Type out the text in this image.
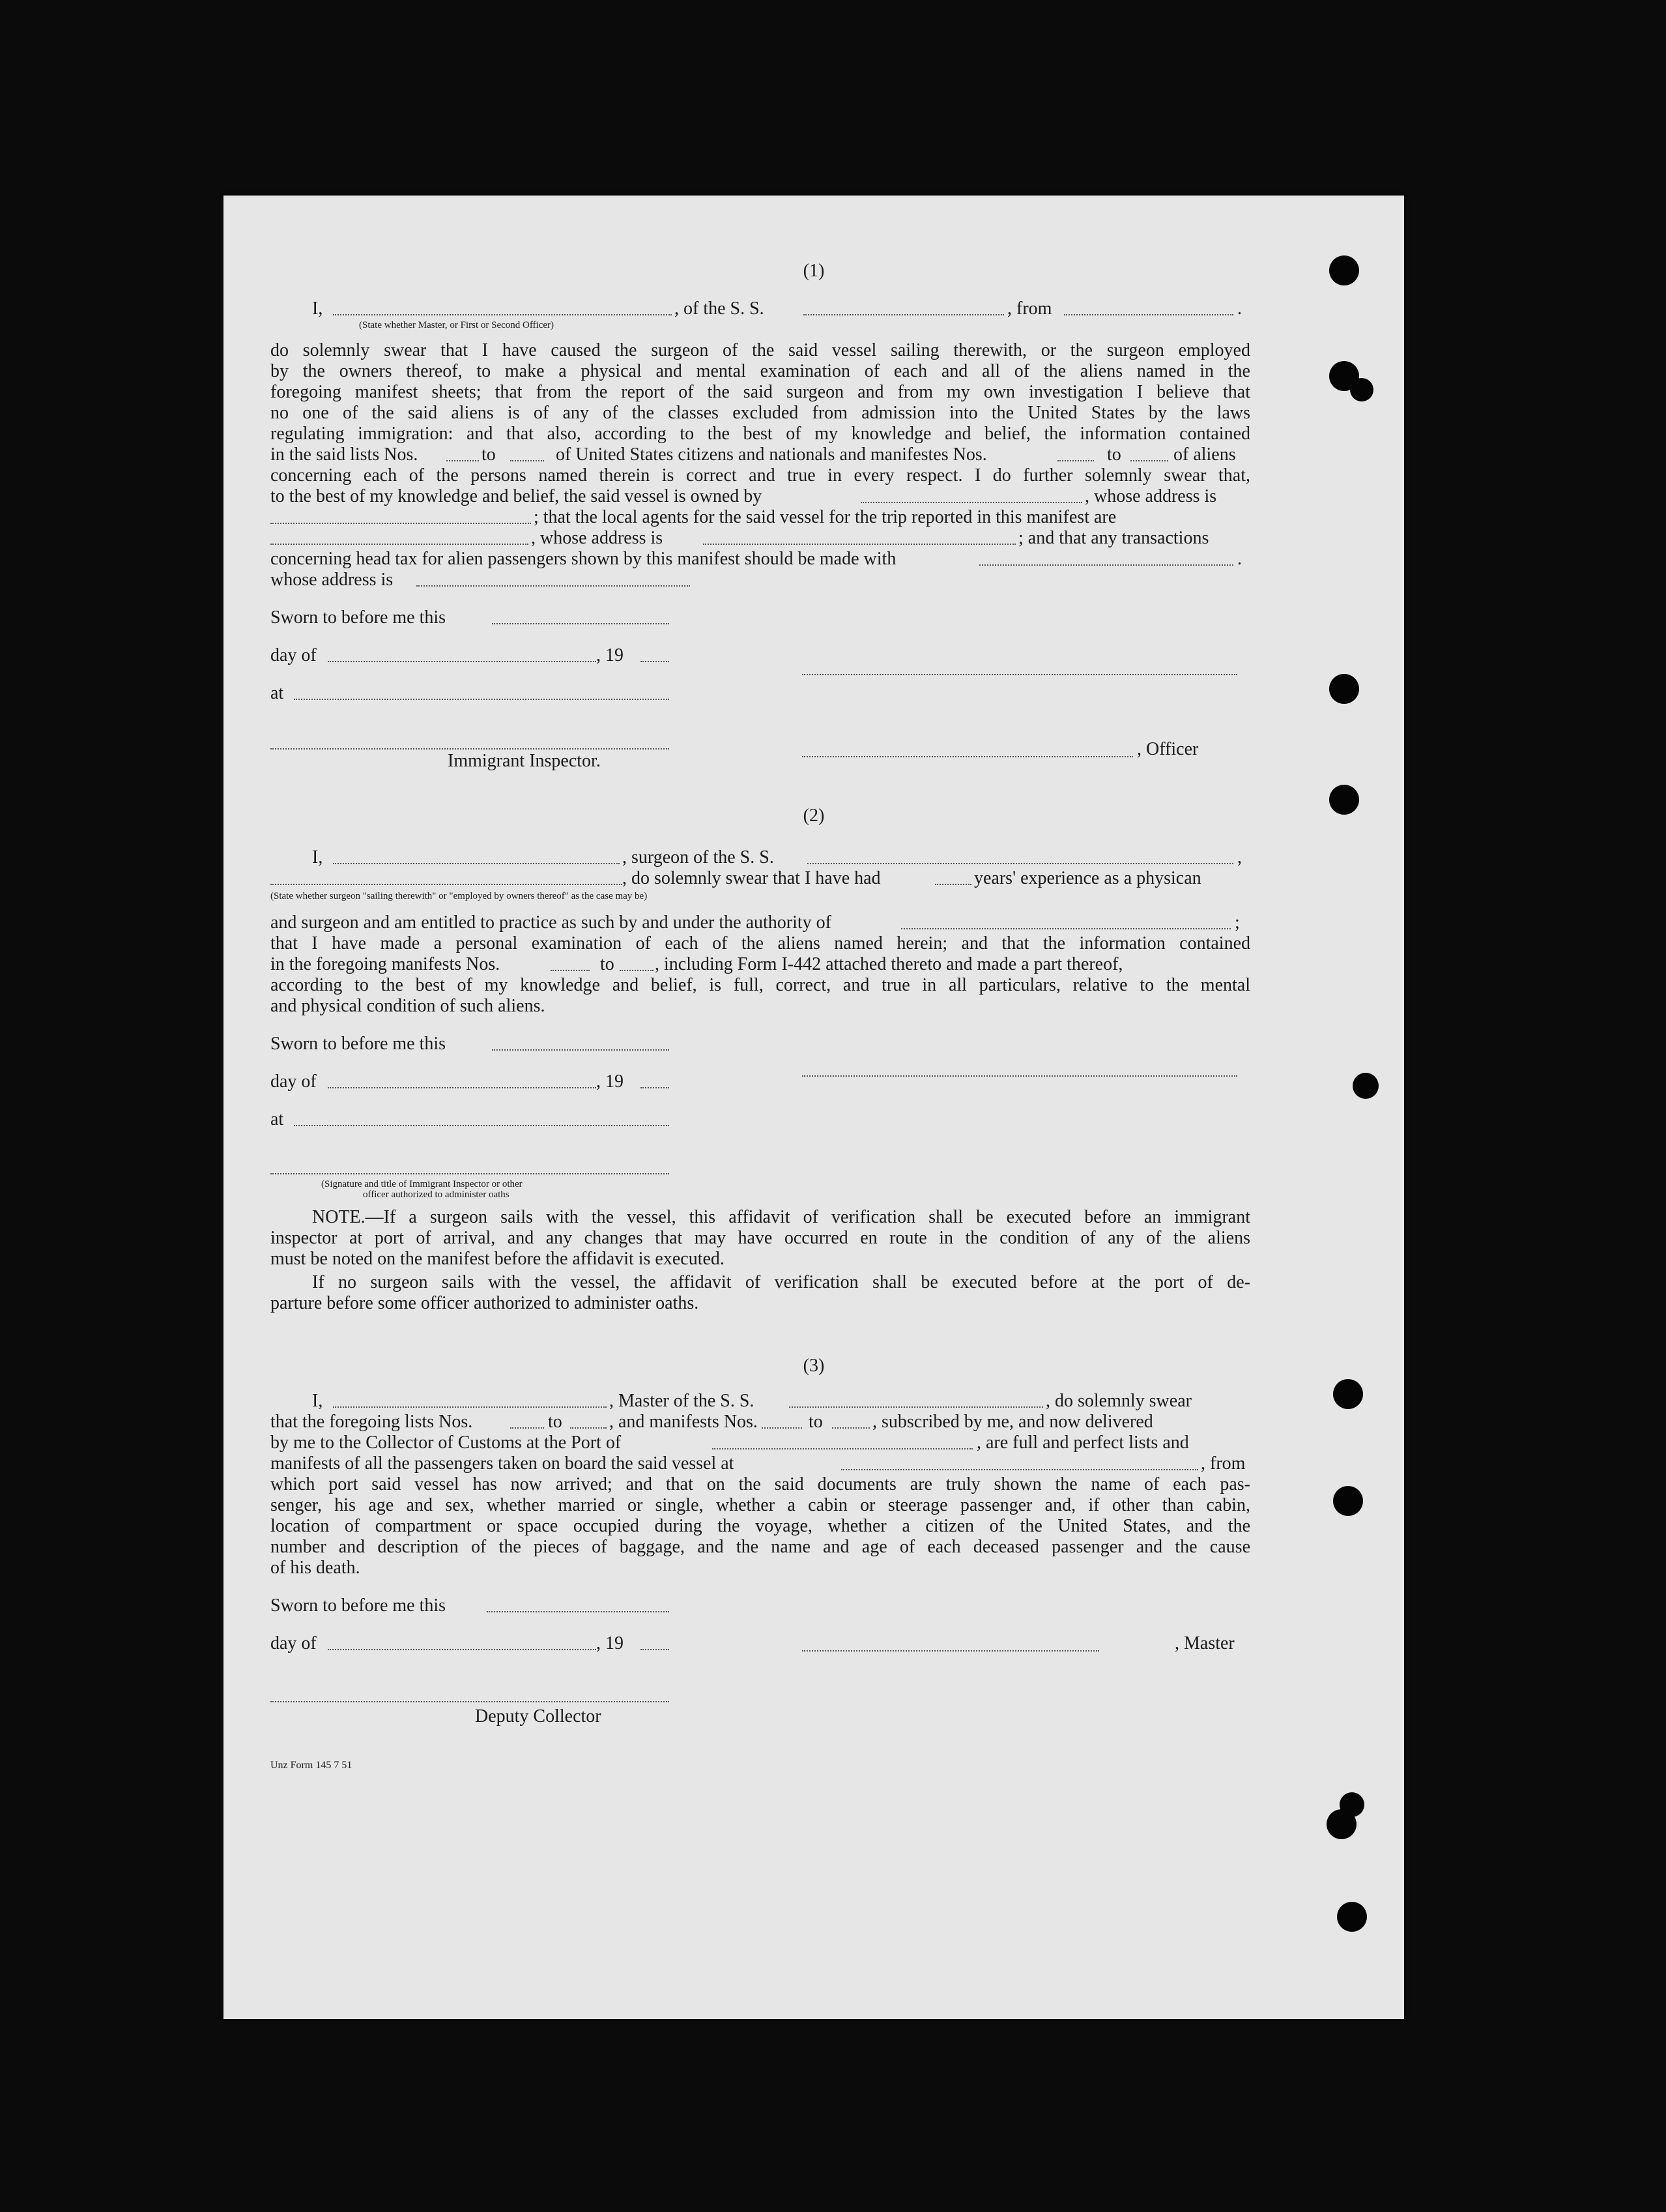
(1)
I,	, of the S. S.	, from	.
(State whether Master, or First or Second Officer)
do solemnly swear that I have caused the surgeon of the said vessel sailing therewith, or the surgeon employed
by the owners thereof, to make a physical and mental examination of each and all of the aliens named in the
foregoing manifest sheets; that from the report of the said surgeon and from my own investigation I believe that
no one of the said aliens is of any of the classes excluded from admission into the United States by the laws
regulating immigration: and that also, according to the best of my knowledge and belief, the information contained
in the said lists Nos.	to	of United States citizens and nationals and manifestes Nos.	to	of aliens
concerning each of the persons named therein is correct and true in every respect. I do further solemnly swear that,
to the best of my knowledge and belief, the said vessel is owned by	, whose address is
; that the local agents for the said vessel for the trip reported in this manifest are
, whose address is	; and that any transactions
concerning head tax for alien passengers shown by this manifest should be made with	.
whose address is
Sworn to before me this
day of	, 19
at
, Officer
Immigrant Inspector.
(2)
I,	, surgeon of the S. S.	,
, do solemnly swear that I have had	years' experience as a physican
(State whether surgeon "sailing therewith" or "employed by owners thereof" as the case may be)
and surgeon and am entitled to practice as such by and under the authority of	;
that I have made a personal examination of each of the aliens named herein; and that the information contained
in the foregoing manifests Nos.	to , including Form I-442 attached thereto and made a part thereof,
according to the best of my knowledge and belief, is full, correct, and true in all particulars, relative to the mental
and physical condition of such aliens.
Sworn to before me this
day of	, 19
at
(Signature and title of Immigrant Inspector or other
officer authorized to administer oaths
NOTE.—If a surgeon sails with the vessel, this affidavit of verification shall be executed before an immigrant
inspector at port of arrival, and any changes that may have occurred en route in the condition of any of the aliens
must be noted on the manifest before the affidavit is executed.
If no surgeon sails with the vessel, the affidavit of verification shall be executed before at the port of de-
parture before some officer authorized to administer oaths.
(3)
I,	, Master of the S. S.	, do solemnly swear
that the foregoing lists Nos.	to	, and manifests Nos.	to	, subscribed by me, and now delivered
by me to the Collector of Customs at the Port of	, are full and perfect lists and
manifests of all the passengers taken on board the said vessel at	, from
which port said vessel has now arrived; and that on the said documents are truly shown the name of each pas-
senger, his age and sex, whether married or single, whether a cabin or steerage passenger and, if other than cabin,
location of compartment or space occupied during the voyage, whether a citizen of the United States, and the
number and description of the pieces of baggage, and the name and age of each deceased passenger and the cause
of his death.
Sworn to before me this
day of	, 19	, Master
Deputy Collector
Unz Form 145 7 51
